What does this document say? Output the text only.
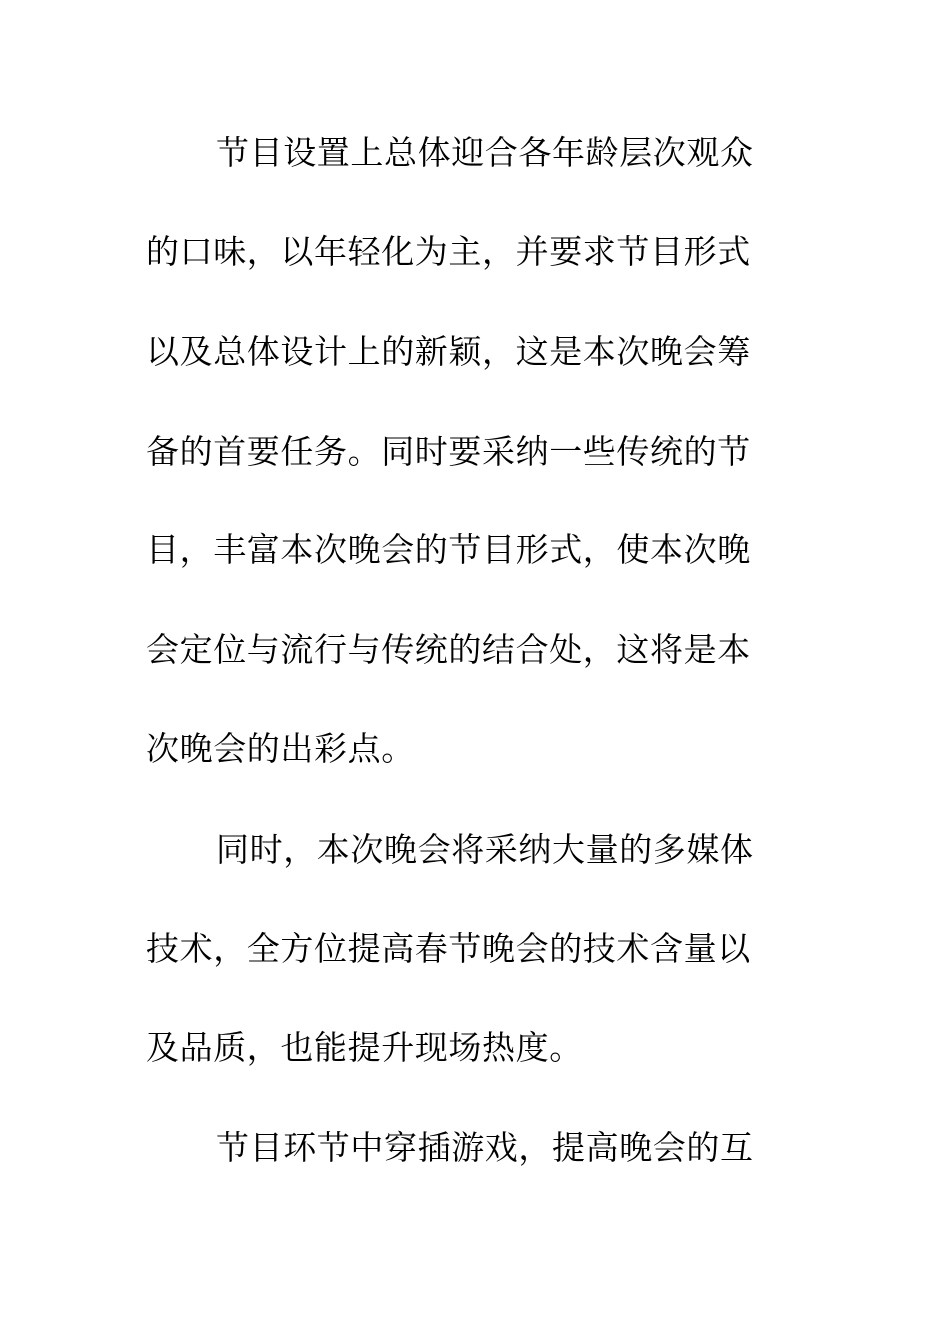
节目设置上总体迎合各年龄层次观众
的口味，以年轻化为主，并要求节目形式
以及总体设计上的新颖，这是本次晚会筹
备的首要任务。同时要采纳一些传统的节
目，丰富本次晚会的节目形式，使本次晚
会定位与流行与传统的结合处，这将是本
次晚会的出彩点。
同时，本次晚会将采纳大量的多媒体
技术，全方位提高春节晚会的技术含量以
及品质，也能提升现场热度。
节目环节中穿插游戏，提高晚会的互
